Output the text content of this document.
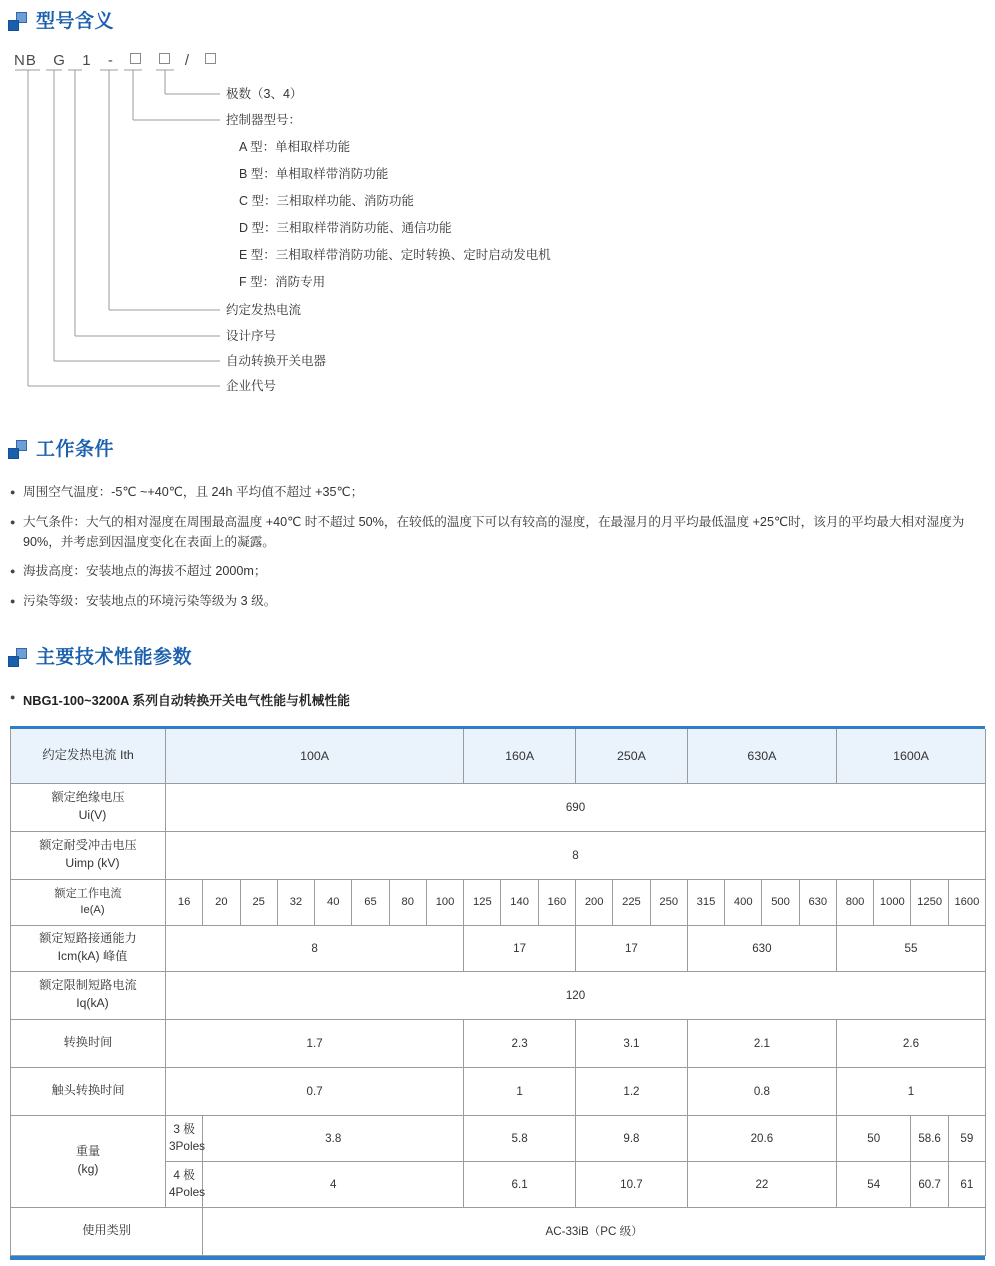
型号含义
NB G 1 -	/
极数（3、4）
控制器型号：
A 型：单相取样功能
B 型：单相取样带消防功能
C 型：三相取样功能、消防功能
D 型：三相取样带消防功能、通信功能
E 型：三相取样带消防功能、定时转换、定时启动发电机
F 型：消防专用
约定发热电流
设计序号
自动转换开关电器
企业代号
工作条件
● 周围空气温度：-5℃ ~+40℃，且 24h 平均值不超过 +35℃；
● 大气条件：大气的相对湿度在周围最高温度 +40℃ 时不超过 50%，在较低的温度下可以有较高的湿度，在最湿月的月平均最低温度 +25℃时，该月的平均最大相对湿度为 90%，并考虑到因温度变化在表面上的凝露。
● 海拔高度：安装地点的海拔不超过 2000m；
● 污染等级：安装地点的环境污染等级为 3 级。
主要技术性能参数
● NBG1-100~3200A 系列自动转换开关电气性能与机械性能
约定发热电流 Ith	100A								160A			250A			630A				1600A			
额定绝缘电压
Ui(V)	690																					
额定耐受冲击电压
Uimp (kV)	8																					
额定工作电流
Ie(A)	16	20	25	32	40	65	80	100	125	140	160	200	225	250	315	400	500	630	800	1000	1250	1600
额定短路接通能力
Icm(kA) 峰值	8								17			17			630				55			
额定限制短路电流
Iq(kA)	120																					
转换时间	1.7								2.3			3.1			2.1				2.6			
触头转换时间	0.7								1			1.2			0.8				1			
重量
(kg)	3 极
3Poles	3.8							5.8			9.8			20.6				50		58.6	59
	4 极
4Poles	4							6.1			10.7			22				54		60.7	61
使用类别		AC-33iB（PC 级）																				
